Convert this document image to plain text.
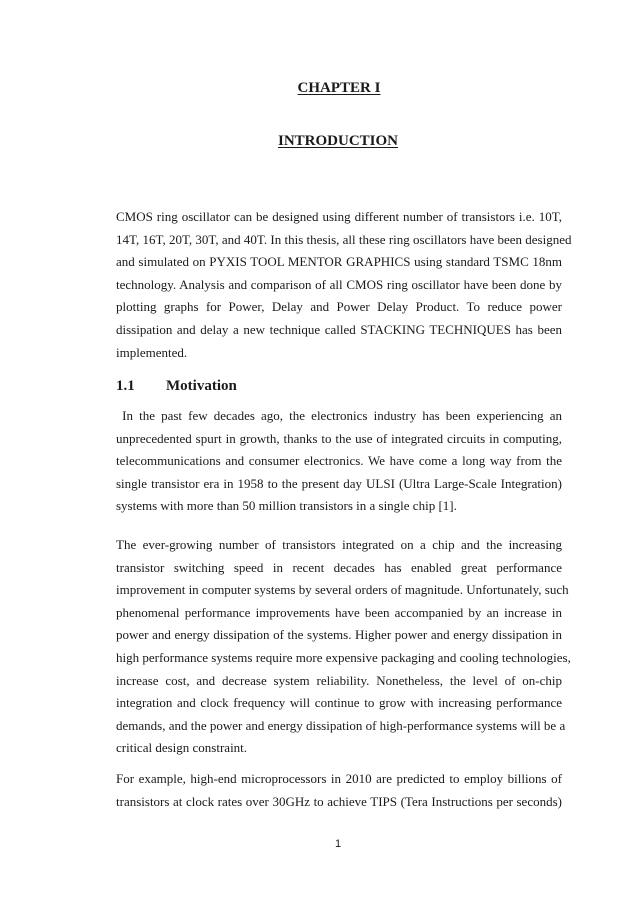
CHAPTER I
INTRODUCTION
CMOS ring oscillator can be designed using different number of transistors i.e. 10T,
14T, 16T, 20T, 30T, and 40T. In this thesis, all these ring oscillators have been designed
and simulated on PYXIS TOOL MENTOR GRAPHICS using standard TSMC 18nm
technology. Analysis and comparison of all CMOS ring oscillator have been done by
plotting graphs for Power, Delay and Power Delay Product. To reduce power
dissipation and delay a new technique called STACKING TECHNIQUES has been
implemented.
1.1 Motivation
In the past few decades ago, the electronics industry has been experiencing an
unprecedented spurt in growth, thanks to the use of integrated circuits in computing,
telecommunications and consumer electronics. We have come a long way from the
single transistor era in 1958 to the present day ULSI (Ultra Large-Scale Integration)
systems with more than 50 million transistors in a single chip [1].
The ever-growing number of transistors integrated on a chip and the increasing
transistor switching speed in recent decades has enabled great performance
improvement in computer systems by several orders of magnitude. Unfortunately, such
phenomenal performance improvements have been accompanied by an increase in
power and energy dissipation of the systems. Higher power and energy dissipation in
high performance systems require more expensive packaging and cooling technologies,
increase cost, and decrease system reliability. Nonetheless, the level of on-chip
integration and clock frequency will continue to grow with increasing performance
demands, and the power and energy dissipation of high-performance systems will be a
critical design constraint.
For example, high-end microprocessors in 2010 are predicted to employ billions of
transistors at clock rates over 30GHz to achieve TIPS (Tera Instructions per seconds)
1
